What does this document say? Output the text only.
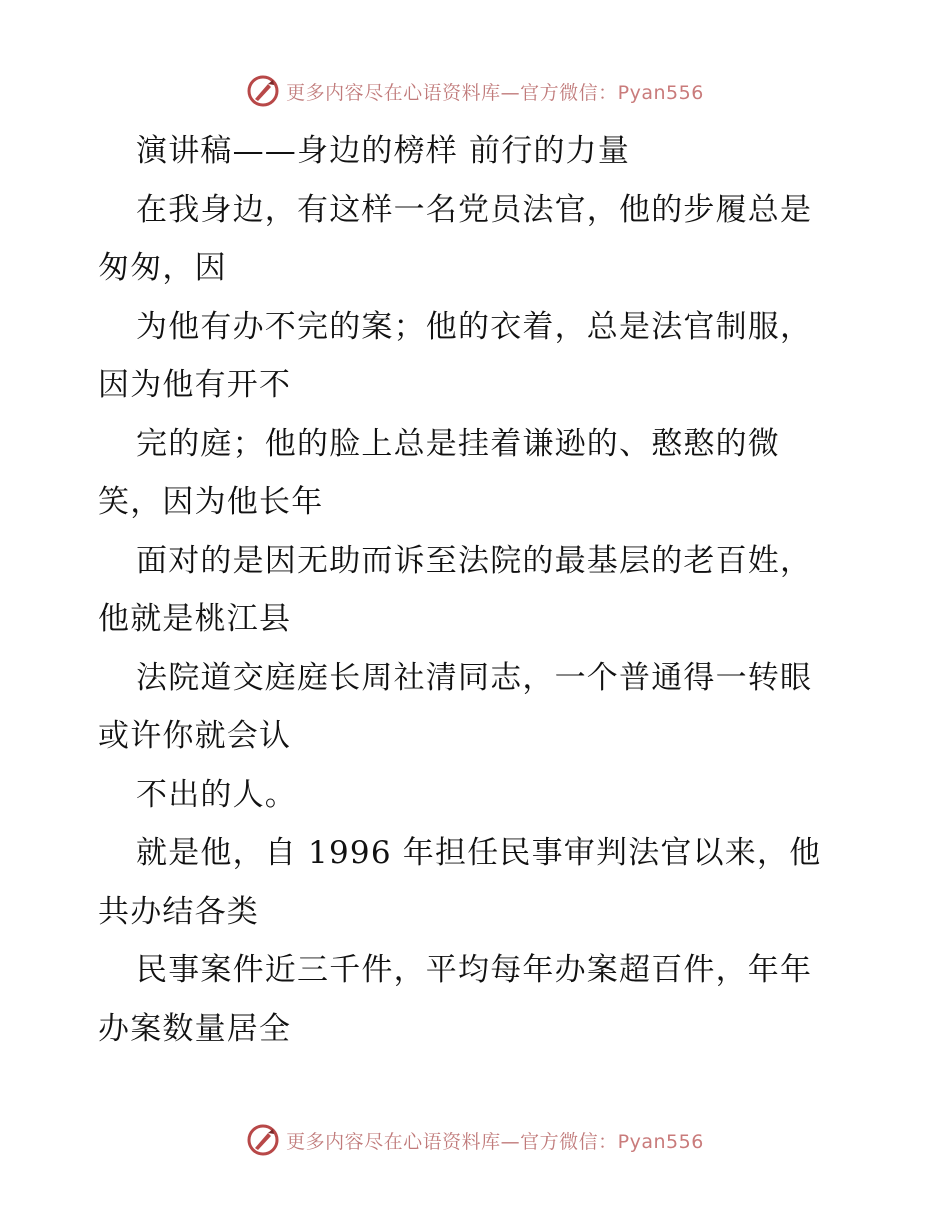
更多内容尽在心语资料库—官方微信：Pyan556
演讲稿——身边的榜样 前行的力量
在我身边，有这样一名党员法官，他的步履总是
匆匆，因
为他有办不完的案；他的衣着，总是法官制服，
因为他有开不
完的庭；他的脸上总是挂着谦逊的、憨憨的微
笑，因为他长年
面对的是因无助而诉至法院的最基层的老百姓，
他就是桃江县
法院道交庭庭长周社清同志，一个普通得一转眼
或许你就会认
不出的人。
就是他，自 1996 年担任民事审判法官以来，他
共办结各类
民事案件近三千件，平均每年办案超百件，年年
办案数量居全
更多内容尽在心语资料库—官方微信：Pyan556
